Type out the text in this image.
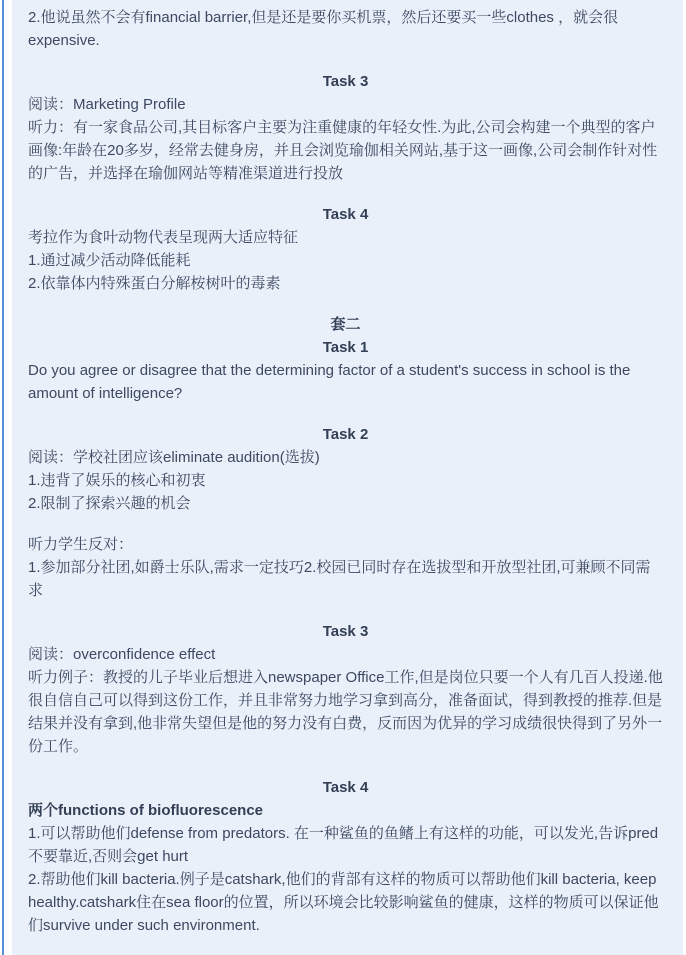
2.他说虽然不会有financial barrier,但是还是要你买机票，然后还要买一些clothes ，就会很expensive.

Task 3

阅读：Marketing Profile

听力：有一家食品公司,其目标客户主要为注重健康的年轻女性.为此,公司会构建一个典型的客户画像:年龄在20多岁，经常去健身房，并且会浏览瑜伽相关网站,基于这一画像,公司会制作针对性的广告，并选择在瑜伽网站等精准渠道进行投放

Task 4

考拉作为食叶动物代表呈现两大适应特征

1.通过减少活动降低能耗

2.依靠体内特殊蛋白分解桉树叶的毒素

套二

Task 1

Do you agree or disagree that the determining factor of a student's success in school is the amount of intelligence?

Task 2

阅读：学校社团应该eliminate audition(选拔)

1.违背了娱乐的核心和初衷

2.限制了探索兴趣的机会

听力学生反对：

1.参加部分社团,如爵士乐队,需求一定技巧2.校园已同时存在选拔型和开放型社团,可兼顾不同需求

Task 3

阅读：overconfidence effect

听力例子：教授的儿子毕业后想进入newspaper Office工作,但是岗位只要一个人有几百人投递.他很自信自己可以得到这份工作，并且非常努力地学习拿到高分，准备面试，得到教授的推荐.但是结果并没有拿到,他非常失望但是他的努力没有白费，反而因为优异的学习成绩很快得到了另外一份工作。

Task 4

两个functions of biofluorescence

1.可以帮助他们defense from predators. 在一种鲨鱼的鱼鳍上有这样的功能，可以发光,告诉pred不要靠近,否则会get hurt

2.帮助他们kill bacteria.例子是catshark,他们的背部有这样的物质可以帮助他们kill bacteria, keep healthy.catshark住在sea floor的位置，所以环境会比较影响鲨鱼的健康，这样的物质可以保证他们survive under such environment.
